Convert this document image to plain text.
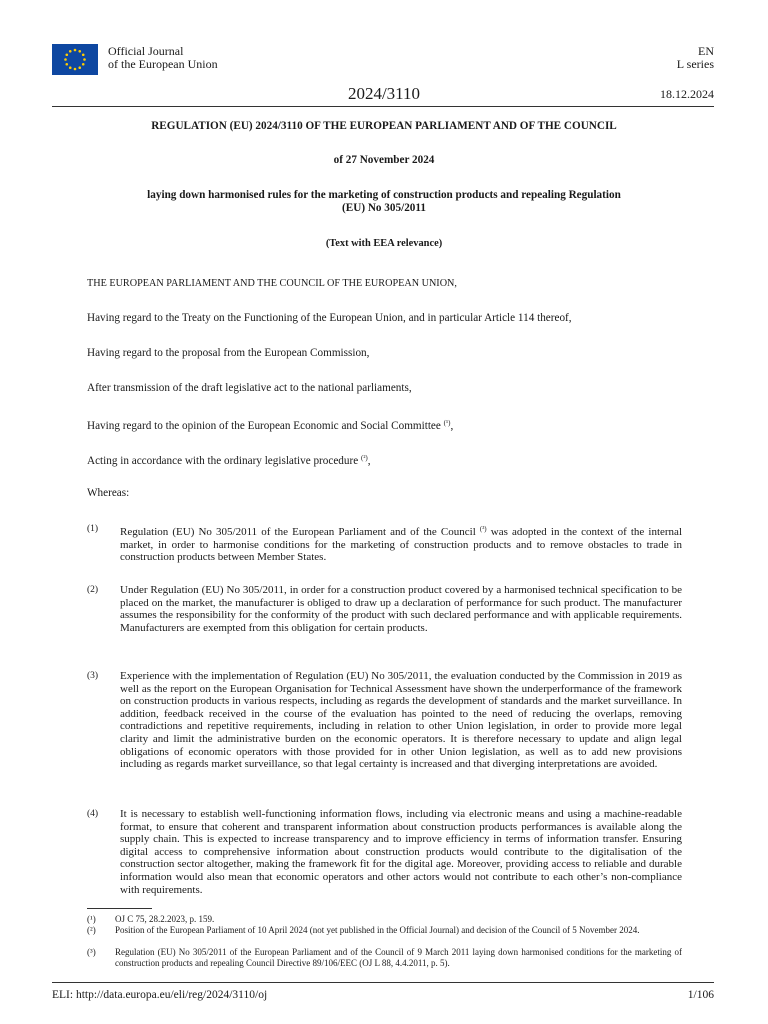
Official Journal
of the European Union
EN
L series
2024/3110	18.12.2024
REGULATION (EU) 2024/3110 OF THE EUROPEAN PARLIAMENT AND OF THE COUNCIL
of 27 November 2024
laying down harmonised rules for the marketing of construction products and repealing Regulation
(EU) No 305/2011
(Text with EEA relevance)
THE EUROPEAN PARLIAMENT AND THE COUNCIL OF THE EUROPEAN UNION,
Having regard to the Treaty on the Functioning of the European Union, and in particular Article 114 thereof,
Having regard to the proposal from the European Commission,
After transmission of the draft legislative act to the national parliaments,
Having regard to the opinion of the European Economic and Social Committee $^{(^1)}$,
Acting in accordance with the ordinary legislative procedure $^{(^2)}$,
Whereas:
(1) Regulation (EU) No 305/2011 of the European Parliament and of the Council $^{(^3)}$ was adopted in the context of the internal market, in order to harmonise conditions for the marketing of construction products and to remove obstacles to trade in construction products between Member States.
(2) Under Regulation (EU) No 305/2011, in order for a construction product covered by a harmonised technical specification to be placed on the market, the manufacturer is obliged to draw up a declaration of performance for such product. The manufacturer assumes the responsibility for the conformity of the product with such declared performance and with applicable requirements. Manufacturers are exempted from this obligation for certain products.
(3) Experience with the implementation of Regulation (EU) No 305/2011, the evaluation conducted by the Commission in 2019 as well as the report on the European Organisation for Technical Assessment have shown the underperformance of the framework on construction products in various respects, including as regards the development of standards and the market surveillance. In addition, feedback received in the course of the evaluation has pointed to the need of reducing the overlaps, removing contradictions and repetitive requirements, including in relation to other Union legislation, in order to provide more legal clarity and limit the administrative burden on the economic operators. It is therefore necessary to update and align legal obligations of economic operators with those provided for in other Union legislation, as well as to add new provisions including as regards market surveillance, so that legal certainty is increased and that diverging interpretations are avoided.
(4) It is necessary to establish well-functioning information flows, including via electronic means and using a machine-readable format, to ensure that coherent and transparent information about construction products performances is available along the supply chain. This is expected to increase transparency and to improve efficiency in terms of information transfer. Ensuring digital access to comprehensive information about construction products would contribute to the digitalisation of the construction sector altogether, making the framework fit for the digital age. Moreover, providing access to reliable and durable information would also mean that economic operators and other actors would not contribute to each other’s non-compliance with requirements.
(¹) OJ C 75, 28.2.2023, p. 159.
(²) Position of the European Parliament of 10 April 2024 (not yet published in the Official Journal) and decision of the Council of 5 November 2024.
(³) Regulation (EU) No 305/2011 of the European Parliament and of the Council of 9 March 2011 laying down harmonised conditions for the marketing of construction products and repealing Council Directive 89/106/EEC (OJ L 88, 4.4.2011, p. 5).
ELI: http://data.europa.eu/eli/reg/2024/3110/oj	1/106
